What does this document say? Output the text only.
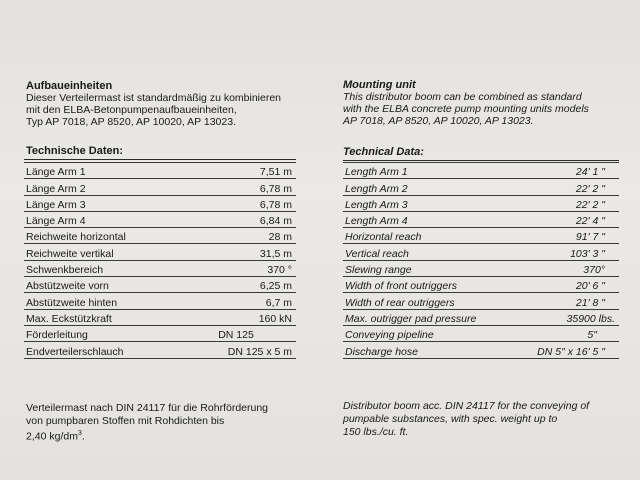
Aufbaueinheiten
Dieser Verteilermast ist standardmäßig zu kombinieren
mit den ELBA-Betonpumpenaufbaueinheiten,
Typ AP 7018, AP 8520, AP 10020, AP 13023.
Technische Daten:
Länge Arm 1	7,51 m
Länge Arm 2	6,78 m
Länge Arm 3	6,78 m
Länge Arm 4	6,84 m
Reichweite horizontal	28 m
Reichweite vertikal	31,5 m
Schwenkbereich	370 °
Abstützweite vorn	6,25 m
Abstützweite hinten	6,7 m
Max. Eckstützkraft	160 kN
Förderleitung	DN 125
Endverteilerschlauch	DN 125 x 5 m
Verteilermast nach DIN 24117 für die Rohrförderung
von pumpbaren Stoffen mit Rohdichten bis
2,40 $kg/dm^3$.
Mounting unit
This distributor boom can be combined as standard
with the ELBA concrete pump mounting units models
AP 7018, AP 8520, AP 10020, AP 13023.
Technical Data:
Length Arm 1	24' 1 "
Length Arm 2	22' 2 "
Length Arm 3	22' 2 "
Length Arm 4	22' 4 "
Horizontal reach	91' 7 "
Vertical reach	103' 3 "
Slewing range	370°
Width of front outriggers	20' 6 "
Width of rear outriggers	21' 8 "
Max. outrigger pad pressure	35900 lbs.
Conveying pipeline	5"
Discharge hose	DN 5" x 16' 5 "
Distributor boom acc. DIN 24117 for the conveying of
pumpable substances, with spec. weight up to
150 lbs./cu. ft.
